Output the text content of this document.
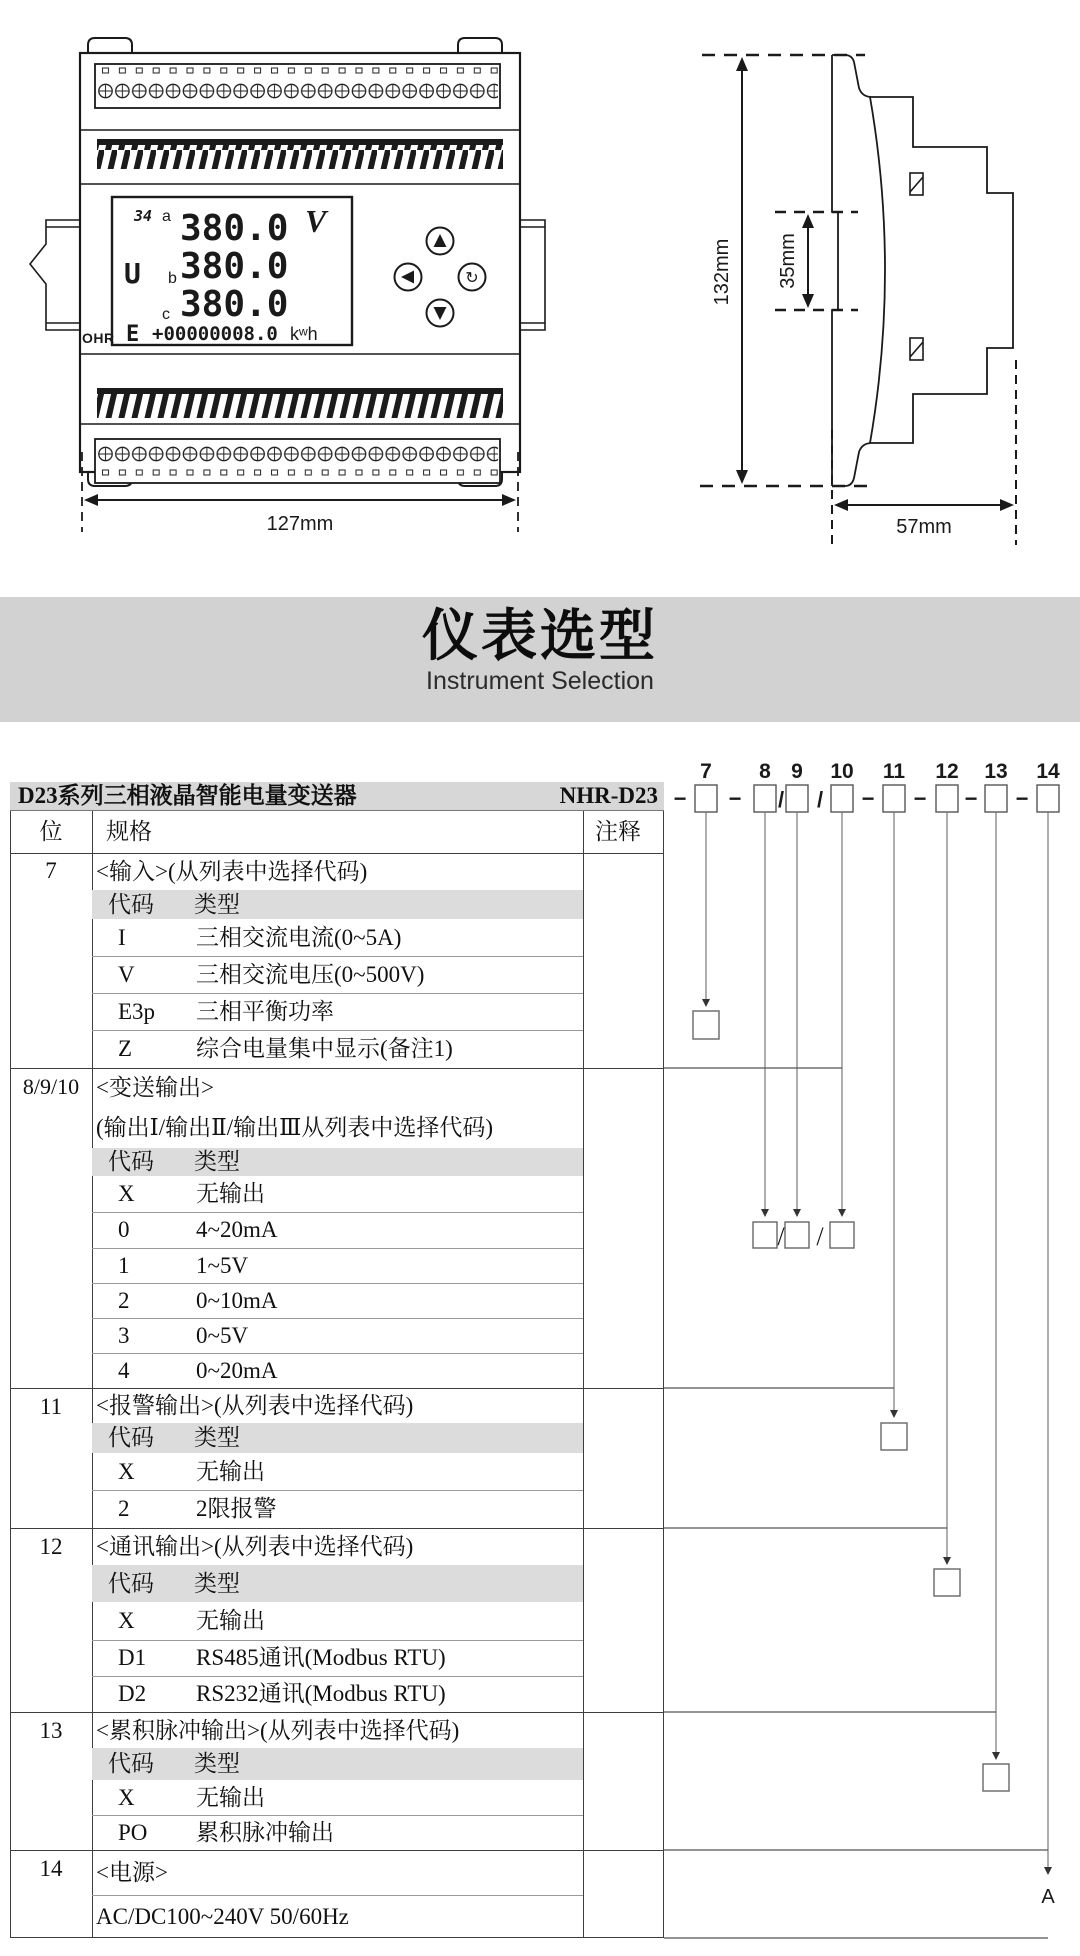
34 a 380.0
U b 380.0
c 380.0
V
E +00000008.0 kʷh
OHR
↻
127mm
132mm 35mm
57mm
仪表选型
Instrument Selection
D23系列三相液晶智能电量变送器	NHR-D23
位	规格	注释
7	<输入>(从列表中选择代码)
代码 类型
I	三相交流电流(0~5A)
V	三相交流电压(0~500V)
E3p 三相平衡功率
Z	综合电量集中显示(备注1)
8/9/10 <变送输出>
(输出Ⅰ/输出Ⅱ/输出Ⅲ从列表中选择代码)
代码 类型
X	无输出
0	4~20mA
1	1~5V
2	0~10mA
3	0~5V
4	0~20mA
11	<报警输出>(从列表中选择代码)
代码 类型
X	无输出
2	2限报警
12	<通讯输出>(从列表中选择代码)
代码 类型
X	无输出
D1 RS485通讯(Modbus RTU)
D2 RS232通讯(Modbus RTU)
13	<累积脉冲输出>(从列表中选择代码)
代码 类型
X	无输出
PO 累积脉冲输出
14	<电源>
AC/DC100~240V 50/60Hz
7 8 9 10 11 12 13 14
− − / / − − − −
/ /
A
